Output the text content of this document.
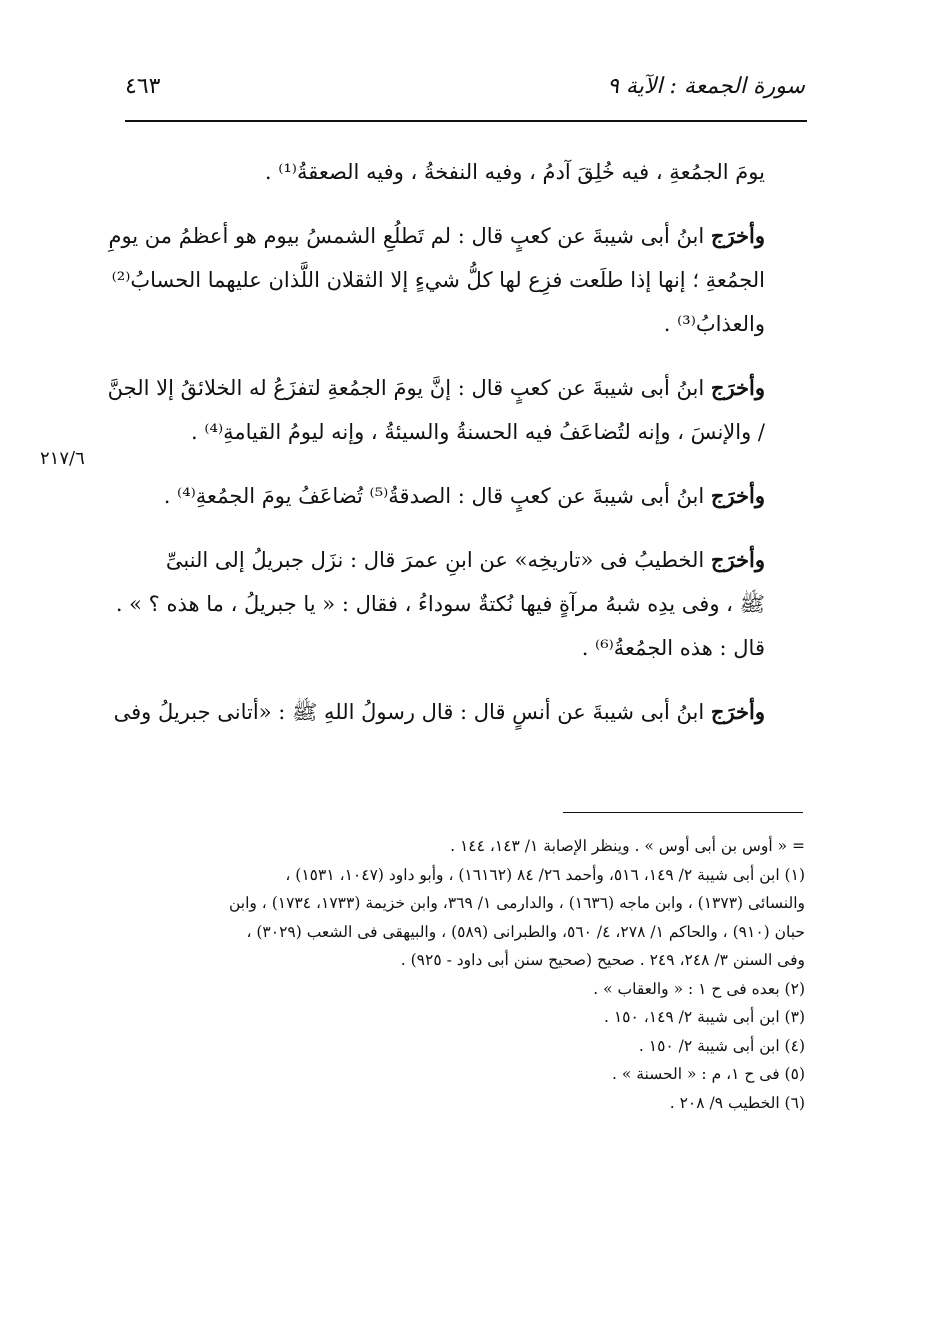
سورة الجمعة : الآية ٩
٤٦٣
٢١٧/٦

يومَ الجمُعةِ ، فيه خُلِقَ آدمُ ، وفيه النفخةُ ، وفيه الصعقةُ⁽¹⁾ .

وأخرَج ابنُ أبى شيبةَ عن كعبٍ قال : لم تَطلُعِ الشمسُ بيوم هو أعظمُ من يومِ
الجمُعةِ ؛ إنها إذا طلَعت فزِع لها كلُّ شيءٍ إلا الثقلان اللَّذان عليهما الحسابُ⁽²⁾
والعذابُ⁽³⁾ .

وأخرَج ابنُ أبى شيبةَ عن كعبٍ قال : إنَّ يومَ الجمُعةِ لتفزَعُ له الخلائقُ إلا الجنَّ
/ والإنسَ ، وإنه لتُضاعَفُ فيه الحسنةُ والسيئةُ ، وإنه ليومُ القيامةِ⁽⁴⁾ .

وأخرَج ابنُ أبى شيبةَ عن كعبٍ قال : الصدقةُ⁽⁵⁾ تُضاعَفُ يومَ الجمُعةِ⁽⁴⁾ .

وأخرَج الخطيبُ فى «تاريخِه» عن ابنِ عمرَ قال : نزَل جبريلُ إلى النبىِّ
ﷺ ، وفى يدِه شبهُ مرآةٍ فيها نُكتةٌ سوداءُ ، فقال : « يا جبريلُ ، ما هذه ؟ » .
قال : هذه الجمُعةُ⁽⁶⁾ .

وأخرَج ابنُ أبى شيبةَ عن أنسٍ قال : قال رسولُ اللهِ ﷺ : «أتانى جبريلُ وفى

= « أوس بن أبى أوس » . وينظر الإصابة ١/ ١٤٣، ١٤٤ .

(١) ابن أبى شيبة ٢/ ١٤٩، ٥١٦، وأحمد ٢٦/ ٨٤ (١٦١٦٢) ، وأبو داود (١٠٤٧، ١٥٣١) ،

والنسائى (١٣٧٣) ، وابن ماجه (١٦٣٦) ، والدارمى ١/ ٣٦٩، وابن خزيمة (١٧٣٣، ١٧٣٤) ، وابن

حبان (٩١٠) ، والحاكم ١/ ٢٧٨، ٤/ ٥٦٠، والطبرانى (٥٨٩) ، والبيهقى فى الشعب (٣٠٢٩) ،

وفى السنن ٣/ ٢٤٨، ٢٤٩ . صحيح (صحيح سنن أبى داود - ٩٢٥) .

(٢) بعده فى ح ١ : « والعقاب » .

(٣) ابن أبى شيبة ٢/ ١٤٩، ١٥٠ .

(٤) ابن أبى شيبة ٢/ ١٥٠ .

(٥) فى ح ١، م : « الحسنة » .

(٦) الخطيب ٩/ ٢٠٨ .
